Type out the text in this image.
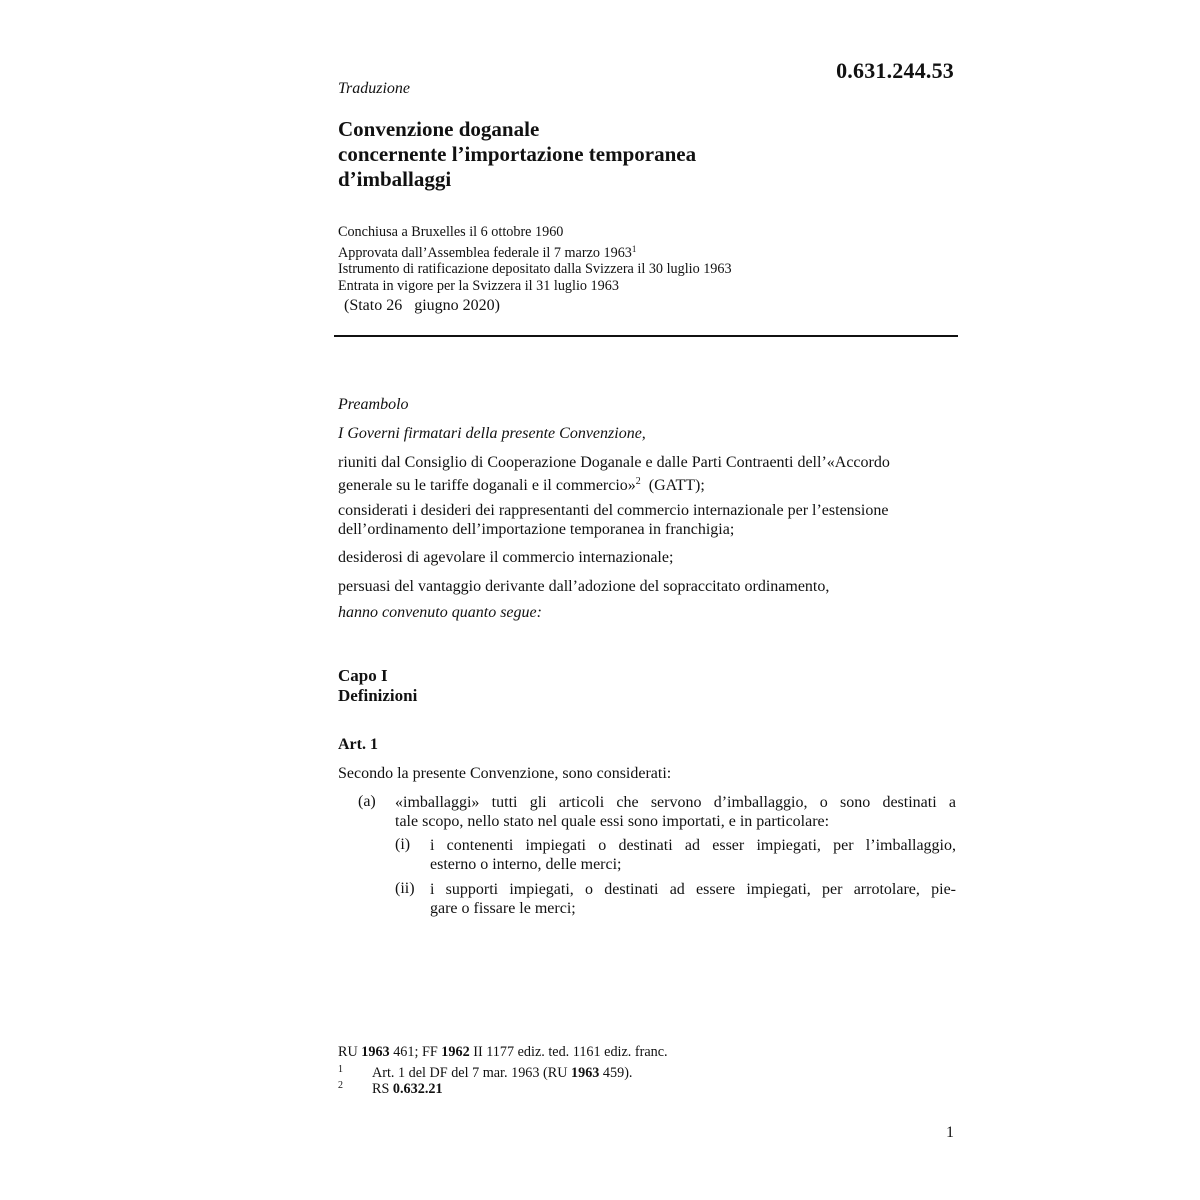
0.631.244.53
Traduzione
Convenzione doganale
concernente l’importazione temporanea
d’imballaggi
Conchiusa a Bruxelles il 6 ottobre 1960
Approvata dall’Assemblea federale il 7 marzo 1963$^1$
Istrumento di ratificazione depositato dalla Svizzera il 30 luglio 1963
Entrata in vigore per la Svizzera il 31 luglio 1963
(Stato 26   giugno 2020)
Preambolo
I Governi firmatari della presente Convenzione,
riuniti dal Consiglio di Cooperazione Doganale e dalle Parti Contraenti dell’«Accordo
generale su le tariffe doganali e il commercio»$^2$  (GATT);
considerati i desideri dei rappresentanti del commercio internazionale per l’estensione
dell’ordinamento dell’importazione temporanea in franchigia;
desiderosi di agevolare il commercio internazionale;
persuasi del vantaggio derivante dall’adozione del sopraccitato ordinamento,
hanno convenuto quanto segue:
Capo I
Definizioni
Art. 1
Secondo la presente Convenzione, sono considerati:
(a) «imballaggi» tutti gli articoli che servono d’imballaggio, o sono destinati a
tale scopo, nello stato nel quale essi sono importati, e in particolare:
(i) i contenenti impiegati o destinati ad esser impiegati, per l’imballaggio,
esterno o interno, delle merci;
(ii) i supporti impiegati, o destinati ad essere impiegati, per arrotolare, pie-
gare o fissare le merci;
RU 1963 461; FF 1962 II 1177 ediz. ted. 1161 ediz. franc.
$^1$ Art. 1 del DF del 7 mar. 1963 (RU 1963 459).
$^2$ RS 0.632.21
1
